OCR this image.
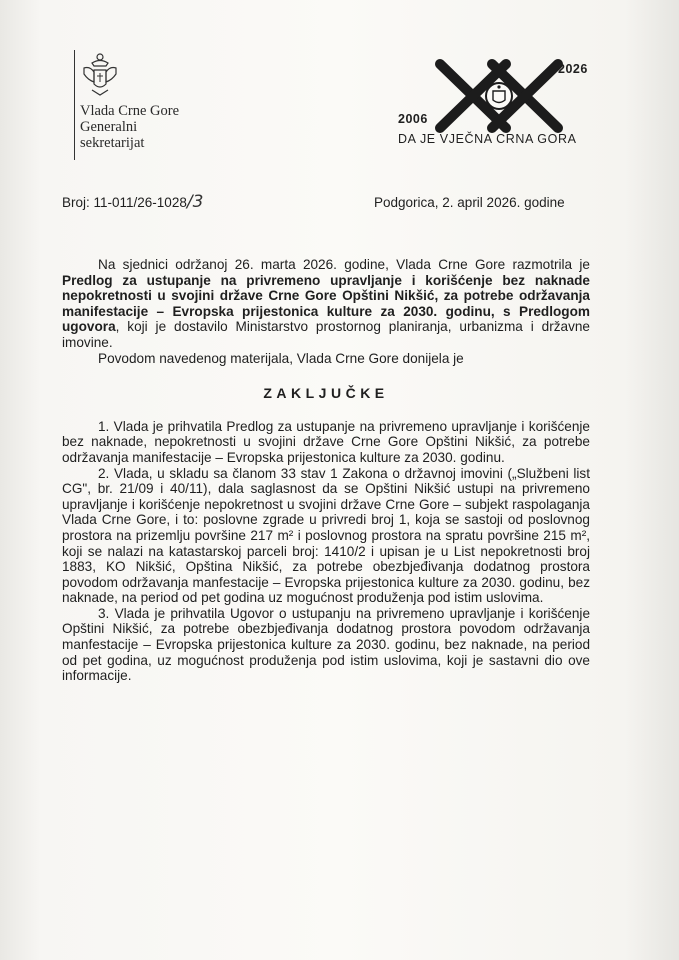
Vlada Crne Gore
Generalni
sekretarijat
2026
2006
DA JE VJEČNA CRNA GORA
Broj: 11-011/26-1028/3	Podgorica, 2. april 2026. godine

Na sjednici održanoj 26. marta 2026. godine, Vlada Crne Gore razmotrila je Predlog za ustupanje na privremeno upravljanje i korišćenje bez naknade nepokretnosti u svojini države Crne Gore Opštini Nikšić, za potrebe održavanja manifestacije – Evropska prijestonica kulture za 2030. godinu, s Predlogom ugovora, koji je dostavilo Ministarstvo prostornog planiranja, urbanizma i državne imovine.

Povodom navedenog materijala, Vlada Crne Gore donijela je

ZAKLJUČKE

1. Vlada je prihvatila Predlog za ustupanje na privremeno upravljanje i korišćenje bez naknade, nepokretnosti u svojini države Crne Gore Opštini Nikšić, za potrebe održavanja manifestacije – Evropska prijestonica kulture za 2030. godinu.

2. Vlada, u skladu sa članom 33 stav 1 Zakona o državnoj imovini („Službeni list CG", br. 21/09 i 40/11), dala saglasnost da se Opštini Nikšić ustupi na privremeno upravljanje i korišćenje nepokretnost u svojini države Crne Gore – subjekt raspolaganja Vlada Crne Gore, i to: poslovne zgrade u privredi broj 1, koja se sastoji od poslovnog prostora na prizemlju površine 217 m² i poslovnog prostora na spratu površine 215 m², koji se nalazi na katastarskoj parceli broj: 1410/2 i upisan je u List nepokretnosti broj 1883, KO Nikšić, Opština Nikšić, za potrebe obezbjeđivanja dodatnog prostora povodom održavanja manfestacije – Evropska prijestonica kulture za 2030. godinu, bez naknade, na period od pet godina uz mogućnost produženja pod istim uslovima.

3. Vlada je prihvatila Ugovor o ustupanju na privremeno upravljanje i korišćenje Opštini Nikšić, za potrebe obezbjeđivanja dodatnog prostora povodom održavanja manfestacije – Evropska prijestonica kulture za 2030. godinu, bez naknade, na period od pet godina, uz mogućnost produženja pod istim uslovima, koji je sastavni dio ove informacije.
